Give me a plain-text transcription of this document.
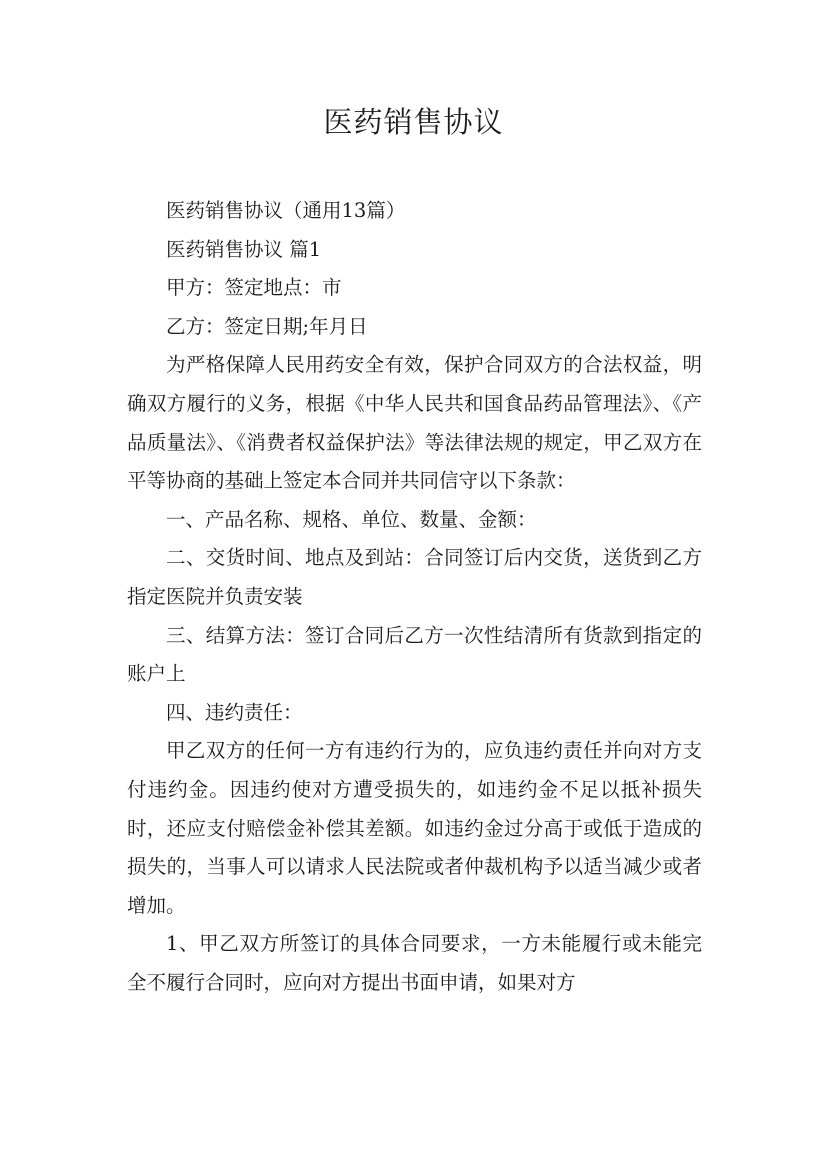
医药销售协议

医药销售协议（通用13篇）

医药销售协议 篇1

甲方：签定地点：市

乙方：签定日期;年月日

为严格保障人民用药安全有效，保护合同双方的合法权益，明确双方履行的义务，根据《中华人民共和国食品药品管理法》、《产品质量法》、《消费者权益保护法》等法律法规的规定，甲乙双方在平等协商的基础上签定本合同并共同信守以下条款：

一、产品名称、规格、单位、数量、金额：

二、交货时间、地点及到站：合同签订后内交货，送货到乙方指定医院并负责安装

三、结算方法：签订合同后乙方一次性结清所有货款到指定的账户上

四、违约责任：

甲乙双方的任何一方有违约行为的，应负违约责任并向对方支付违约金。因违约使对方遭受损失的，如违约金不足以抵补损失时，还应支付赔偿金补偿其差额。如违约金过分高于或低于造成的损失的，当事人可以请求人民法院或者仲裁机构予以适当减少或者增加。

1、甲乙双方所签订的具体合同要求，一方未能履行或未能完全不履行合同时，应向对方提出书面申请，如果对方
